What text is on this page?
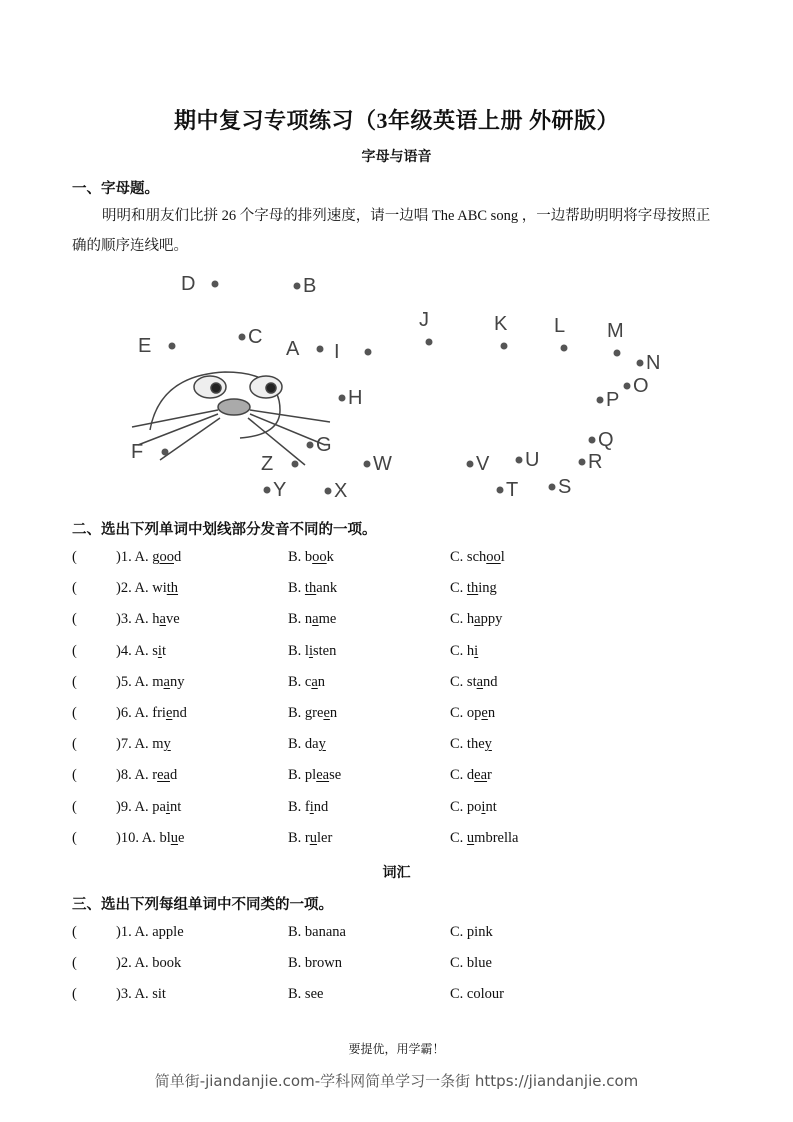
期中复习专项练习（3年级英语上册 外研版）
字母与语音
一、字母题。
明明和朋友们比拼 26 个字母的排列速度，请一边唱 The ABC song ，一边帮助明明将字母按照正确的顺序连线吧。
D	B
E	C
A I
J	K L M
N
O
P
H
Q
F	G
Z	W	V U R
S
Y X	T
二、选出下列单词中划线部分发音不同的一项。
(	)1. A. good	B. book	C. school
(	)2. A. with	B. thank	C. thing
(	)3. A. have	B. name	C. happy
(	)4. A. sit	B. listen	C. hi
(	)5. A. many	B. can	C. stand
(	)6. A. friend	B. green	C. open
(	)7. A. my	B. day	C. they
(	)8. A. read	B. please	C. dear
(	)9. A. paint	B. find	C. point
(	)10. A. blue	B. ruler	C. umbrella
词汇
三、选出下列每组单词中不同类的一项。
(	)1. A. apple	B. banana	C. pink
(	)2. A. book	B. brown	C. blue
(	)3. A. sit	B. see	C. colour
要提优，用学霸！
简单街-jiandanjie.com-学科网简单学习一条街 https://jiandanjie.com
